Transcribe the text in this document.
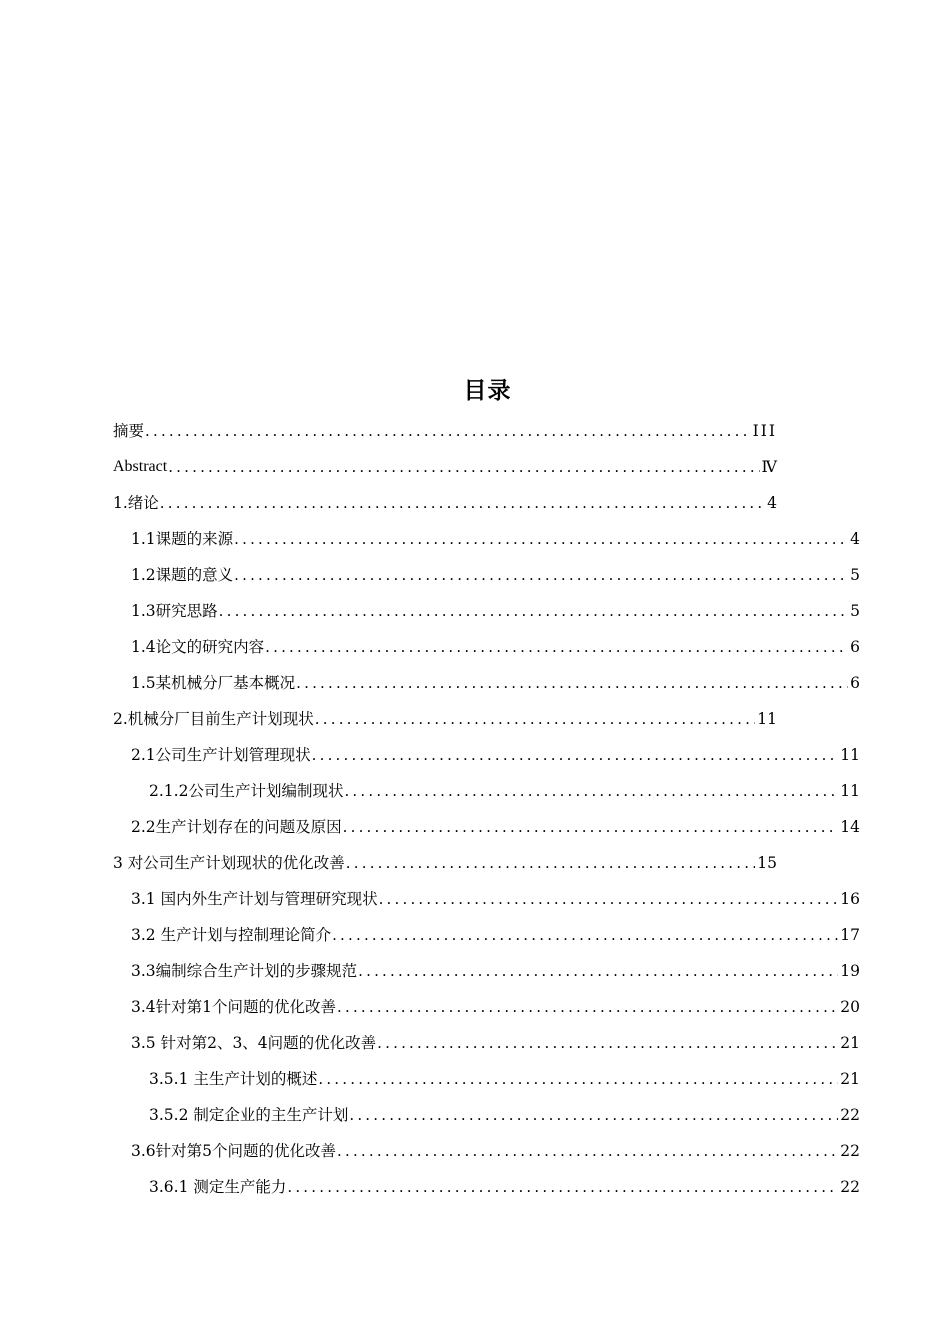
目录
摘要 .....	III
Abstract .....	Ⅳ
1.绪论 .....	4
1.1课题的来源 .....	4
1.2课题的意义 .....	5
1.3研究思路 .....	5
1.4论文的研究内容 .....	6
1.5某机械分厂基本概况 .....	6
2.机械分厂目前生产计划现状 .....	11
2.1公司生产计划管理现状 .....	11
2.1.2公司生产计划编制现状 .....	11
2.2生产计划存在的问题及原因 .....	14
3 对公司生产计划现状的优化改善 .....	15
3.1 国内外生产计划与管理研究现状 .....	16
3.2 生产计划与控制理论简介 .....	17
3.3编制综合生产计划的步骤规范 .....	19
3.4针对第1个问题的优化改善 .....	20
3.5 针对第2、3、4问题的优化改善 .....	21
3.5.1 主生产计划的概述 .....	21
3.5.2 制定企业的主生产计划 .....	22
3.6针对第5个问题的优化改善 .....	22
3.6.1 测定生产能力 .....	22
